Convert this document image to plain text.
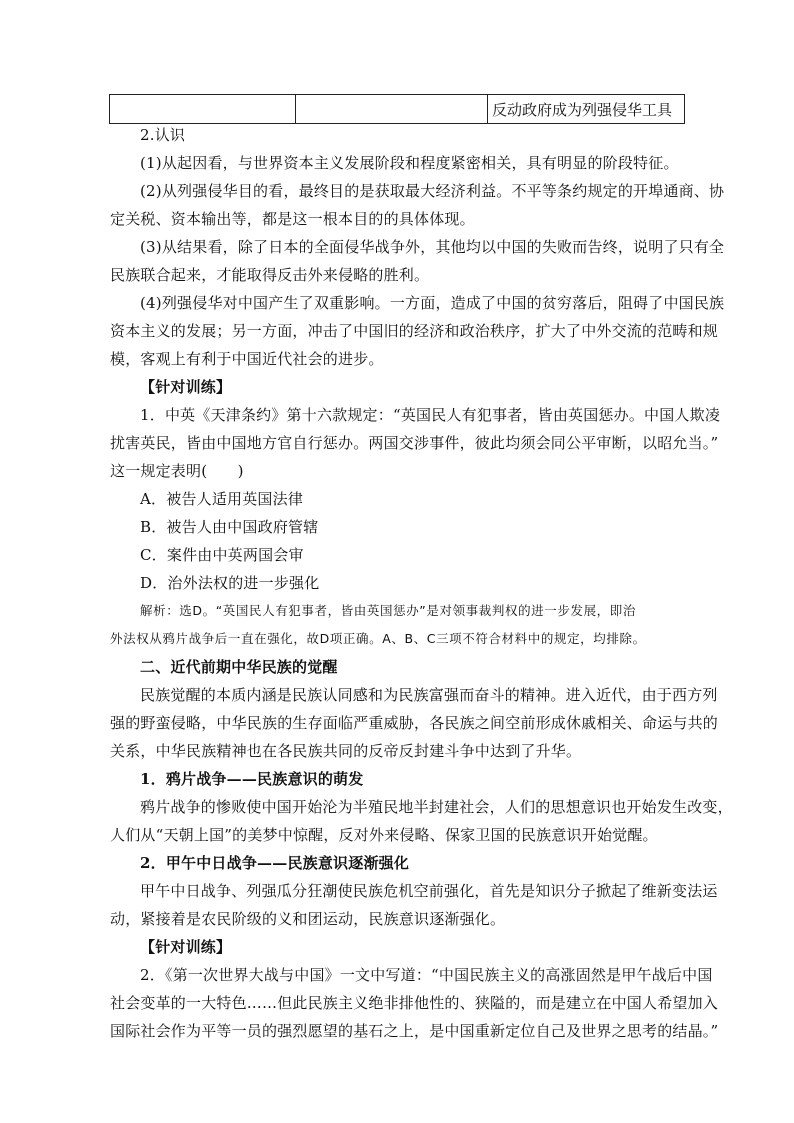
		反动政府成为列强侵华工具
2.认识
(1)从起因看，与世界资本主义发展阶段和程度紧密相关，具有明显的阶段特征。
(2)从列强侵华目的看，最终目的是获取最大经济利益。不平等条约规定的开埠通商、协
定关税、资本输出等，都是这一根本目的的具体体现。
(3)从结果看，除了日本的全面侵华战争外，其他均以中国的失败而告终，说明了只有全
民族联合起来，才能取得反击外来侵略的胜利。
(4)列强侵华对中国产生了双重影响。一方面，造成了中国的贫穷落后，阻碍了中国民族
资本主义的发展；另一方面，冲击了中国旧的经济和政治秩序，扩大了中外交流的范畴和规
模，客观上有利于中国近代社会的进步。
【针对训练】
1．中英《天津条约》第十六款规定：“英国民人有犯事者，皆由英国惩办。中国人欺凌
扰害英民，皆由中国地方官自行惩办。两国交涉事件，彼此均须会同公平审断，以昭允当。”
这一规定表明(　　)
A．被告人适用英国法律
B．被告人由中国政府管辖
C．案件由中英两国会审
D．治外法权的进一步强化
解析：选D。“英国民人有犯事者，皆由英国惩办”是对领事裁判权的进一步发展，即治
外法权从鸦片战争后一直在强化，故D项正确。A、B、C三项不符合材料中的规定，均排除。
二、近代前期中华民族的觉醒
民族觉醒的本质内涵是民族认同感和为民族富强而奋斗的精神。进入近代，由于西方列
强的野蛮侵略，中华民族的生存面临严重威胁，各民族之间空前形成休戚相关、命运与共的
关系，中华民族精神也在各民族共同的反帝反封建斗争中达到了升华。
1．鸦片战争——民族意识的萌发
鸦片战争的惨败使中国开始沦为半殖民地半封建社会，人们的思想意识也开始发生改变，
人们从“天朝上国”的美梦中惊醒，反对外来侵略、保家卫国的民族意识开始觉醒。
2．甲午中日战争——民族意识逐渐强化
甲午中日战争、列强瓜分狂潮使民族危机空前强化，首先是知识分子掀起了维新变法运
动，紧接着是农民阶级的义和团运动，民族意识逐渐强化。
【针对训练】
2．《第一次世界大战与中国》一文中写道：“中国民族主义的高涨固然是甲午战后中国
社会变革的一大特色……但此民族主义绝非排他性的、狭隘的，而是建立在中国人希望加入
国际社会作为平等一员的强烈愿望的基石之上，是中国重新定位自己及世界之思考的结晶。”
